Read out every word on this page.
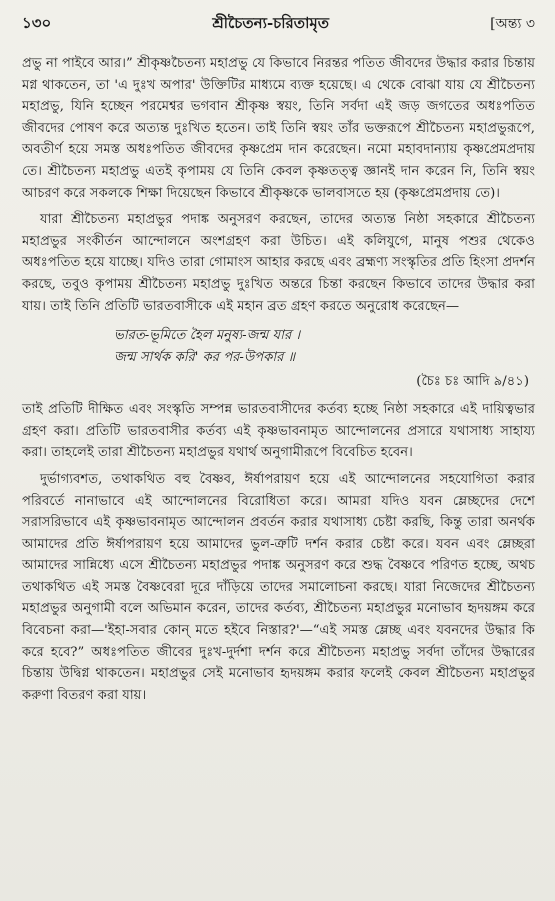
১৩০	শ্রীচৈতন্য-চরিতামৃত	[অন্ত্য ৩

প্রভু না পাইবে আর।” শ্রীকৃষ্ণচৈতন্য মহাপ্রভু যে কিভাবে নিরন্তর পতিত জীবদের উদ্ধার করার চিন্তায় মগ্ন থাকতেন, তা 'এ দুঃখ অপার' উক্তিটির মাধ্যমে ব্যক্ত হয়েছে। এ থেকে বোঝা যায় যে শ্রীচৈতন্য মহাপ্রভু, যিনি হচ্ছেন পরমেশ্বর ভগবান শ্রীকৃষ্ণ স্বয়ং, তিনি সর্বদা এই জড় জগতের অধঃপতিত জীবদের পোষণ করে অত্যন্ত দুঃখিত হতেন। তাই তিনি স্বয়ং তাঁর ভক্তরূপে শ্রীচৈতন্য মহাপ্রভুরূপে, অবতীর্ণ হয়ে সমস্ত অধঃপতিত জীবদের কৃষ্ণপ্রেম দান করেছেন। নমো মহাবদান্যায় কৃষ্ণপ্রেমপ্রদায় তে। শ্রীচৈতন্য মহাপ্রভু এতই কৃপাময় যে তিনি কেবল কৃষ্ণতত্ত্ব জ্ঞানই দান করেন নি, তিনি স্বয়ং আচরণ করে সকলকে শিক্ষা দিয়েছেন কিভাবে শ্রীকৃষ্ণকে ভালবাসতে হয় (কৃষ্ণপ্রেমপ্রদায় তে)।

যারা শ্রীচৈতন্য মহাপ্রভুর পদাঙ্ক অনুসরণ করছেন, তাদের অত্যন্ত নিষ্ঠা সহকারে শ্রীচৈতন্য মহাপ্রভুর সংকীর্তন আন্দোলনে অংশগ্রহণ করা উচিত। এই কলিযুগে, মানুষ পশুর থেকেও অধঃপতিত হয়ে যাচ্ছে। যদিও তারা গোমাংস আহার করছে এবং ব্রহ্মণ্য সংস্কৃতির প্রতি হিংসা প্রদর্শন করছে, তবুও কৃপাময় শ্রীচৈতন্য মহাপ্রভু দুঃখিত অন্তরে চিন্তা করছেন কিভাবে তাদের উদ্ধার করা যায়। তাই তিনি প্রতিটি ভারতবাসীকে এই মহান ব্রত গ্রহণ করতে অনুরোধ করেছেন—

ভারত-ভূমিতে হৈল মনুষ্য-জন্ম যার ।
জন্ম সার্থক করি' কর পর-উপকার ॥
(চৈঃ চঃ আদি ৯/৪১)

তাই প্রতিটি দীক্ষিত এবং সংস্কৃতি সম্পন্ন ভারতবাসীদের কর্তব্য হচ্ছে নিষ্ঠা সহকারে এই দায়িত্বভার গ্রহণ করা। প্রতিটি ভারতবাসীর কর্তব্য এই কৃষ্ণভাবনামৃত আন্দোলনের প্রসারে যথাসাধ্য সাহায্য করা। তাহলেই তারা শ্রীচৈতন্য মহাপ্রভুর যথার্থ অনুগামীরূপে বিবেচিত হবেন।

দুর্ভাগ্যবশত, তথাকথিত বহু বৈষ্ণব, ঈর্ষাপরায়ণ হয়ে এই আন্দোলনের সহযোগিতা করার পরিবর্তে নানাভাবে এই আন্দোলনের বিরোধিতা করে। আমরা যদিও যবন ম্লেচ্ছদের দেশে সরাসরিভাবে এই কৃষ্ণভাবনামৃত আন্দোলন প্রবর্তন করার যথাসাধ্য চেষ্টা করছি, কিন্তু তারা অনর্থক আমাদের প্রতি ঈর্ষাপরায়ণ হয়ে আমাদের ভুল-ত্রুটি দর্শন করার চেষ্টা করে। যবন এবং ম্লেচ্ছরা আমাদের সান্নিধ্যে এসে শ্রীচৈতন্য মহাপ্রভুর পদাঙ্ক অনুসরণ করে শুদ্ধ বৈষ্ণবে পরিণত হচ্ছে, অথচ তথাকথিত এই সমস্ত বৈষ্ণবেরা দূরে দাঁড়িয়ে তাদের সমালোচনা করছে। যারা নিজেদের শ্রীচৈতন্য মহাপ্রভুর অনুগামী বলে অভিমান করেন, তাদের কর্তব্য, শ্রীচৈতন্য মহাপ্রভুর মনোভাব হৃদয়ঙ্গম করে বিবেচনা করা—'ইহা-সবার কোন্ মতে হইবে নিস্তার?'—“এই সমস্ত ম্লেচ্ছ এবং যবনদের উদ্ধার কি করে হবে?” অধঃপতিত জীবের দুঃখ-দুর্দশা দর্শন করে শ্রীচৈতন্য মহাপ্রভু সর্বদা তাঁদের উদ্ধারের চিন্তায় উদ্বিগ্ন থাকতেন। মহাপ্রভুর সেই মনোভাব হৃদয়ঙ্গম করার ফলেই কেবল শ্রীচৈতন্য মহাপ্রভুর করুণা বিতরণ করা যায়।
